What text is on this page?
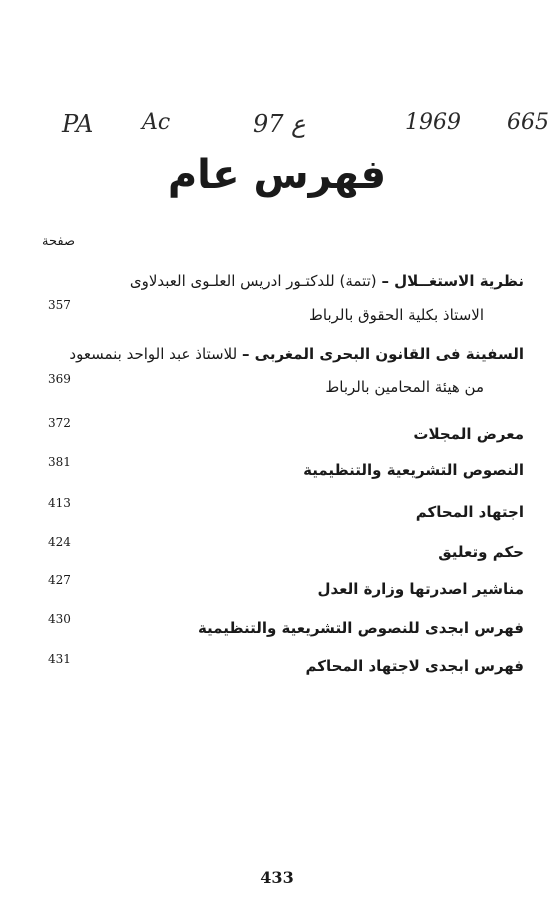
PA Ac	97 ع	1969 665
فهرس عام
صفحة
نظرية الاستغــلال – (تتمة) للدكتـور ادريس العلـوى العبدلاوى
الاستاذ بكلية الحقوق بالرباط
357
السفينة فى القانون البحرى المغربى – للاستاذ عبد الواحد بنمسعود
من هيئة المحامين بالرباط
369
معرض المجلات
372
النصوص التشريعية والتنظيمية
381
اجتهاد المحاكم
413
حكم وتعليق
424
مناشير اصدرتها وزارة العدل
427
فهرس ابجدى للنصوص التشريعية والتنظيمية
430
فهرس ابجدى لاجتهاد المحاكم
431
433
